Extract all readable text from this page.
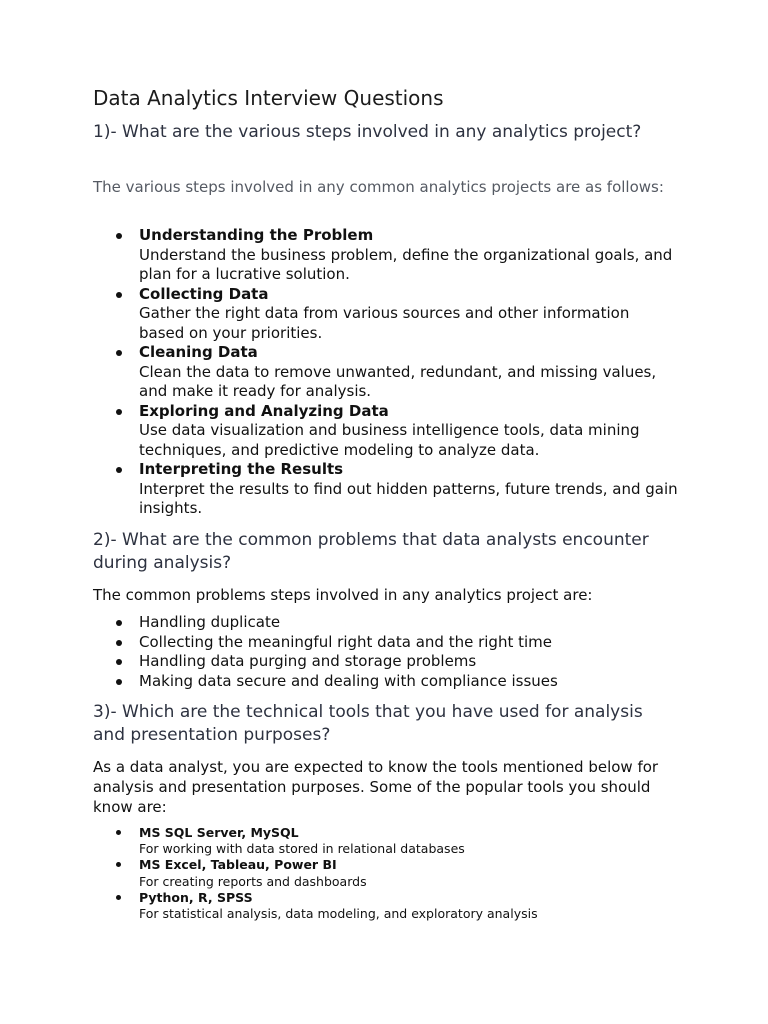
Data Analytics Interview Questions
1)- What are the various steps involved in any analytics project?

The various steps involved in any common analytics projects are as follows:

Understanding the Problem
Understand the business problem, define the organizational goals, and plan for a lucrative solution.
Collecting Data
Gather the right data from various sources and other information based on your priorities.
Cleaning Data
Clean the data to remove unwanted, redundant, and missing values, and make it ready for analysis.
Exploring and Analyzing Data
Use data visualization and business intelligence tools, data mining techniques, and predictive modeling to analyze data.
Interpreting the Results
Interpret the results to find out hidden patterns, future trends, and gain insights.
2)- What are the common problems that data analysts encounter during analysis?

The common problems steps involved in any analytics project are:

Handling duplicate
Collecting the meaningful right data and the right time
Handling data purging and storage problems
Making data secure and dealing with compliance issues
3)- Which are the technical tools that you have used for analysis and presentation purposes?

As a data analyst, you are expected to know the tools mentioned below for analysis and presentation purposes. Some of the popular tools you should know are:

MS SQL Server, MySQL
For working with data stored in relational databases
MS Excel, Tableau, Power BI
For creating reports and dashboards
Python, R, SPSS
For statistical analysis, data modeling, and exploratory analysis
